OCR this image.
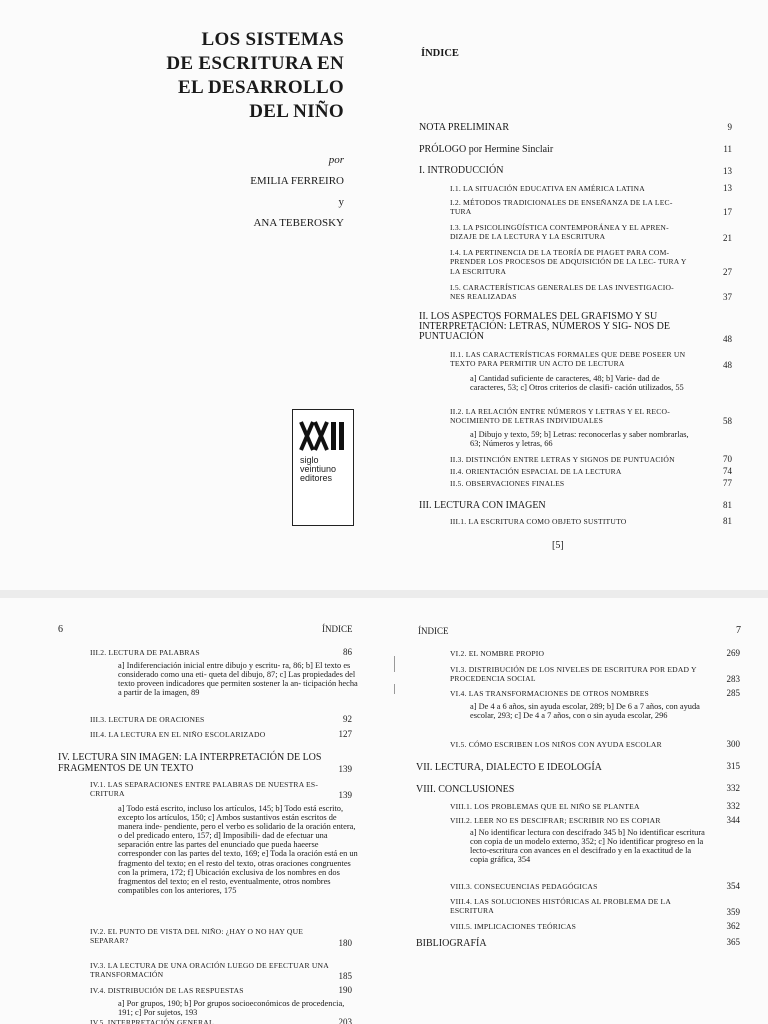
LOS SISTEMAS
DE ESCRITURA EN
EL DESARROLLO
DEL NIÑO
por
EMILIA FERREIRO
y
ANA TEBEROSKY
siglo
veintiuno
editores
ÍNDICE
NOTA PRELIMINAR	9
PRÓLOGO por Hermine Sinclair	11
I. INTRODUCCIÓN	13
I.1. LA SITUACIÓN EDUCATIVA EN AMÉRICA LATINA	13
I.2. MÉTODOS TRADICIONALES DE ENSEÑANZA DE LA LEC- TURA	17
I.3. LA PSICOLINGÜÍSTICA CONTEMPORÁNEA Y EL APREN- DIZAJE DE LA LECTURA Y LA ESCRITURA	21
I.4. LA PERTINENCIA DE LA TEORÍA DE PIAGET PARA COM- PRENDER LOS PROCESOS DE ADQUISICIÓN DE LA LEC- TURA Y LA ESCRITURA	27
I.5. CARACTERÍSTICAS GENERALES DE LAS INVESTIGACIO- NES REALIZADAS	37
II. LOS ASPECTOS FORMALES DEL GRAFISMO Y SU INTERPRETACIÓN: LETRAS, NÚMEROS Y SIG- NOS DE PUNTUACIÓN	48
II.1. LAS CARACTERÍSTICAS FORMALES QUE DEBE POSEER UN TEXTO PARA PERMITIR UN ACTO DE LECTURA	48
a] Cantidad suficiente de caracteres, 48; b] Varie- dad de caracteres, 53; c] Otros criterios de clasifi- cación utilizados, 55
II.2. LA RELACIÓN ENTRE NÚMEROS Y LETRAS Y EL RECO- NOCIMIENTO DE LETRAS INDIVIDUALES	58
a] Dibujo y texto, 59; b] Letras: reconocerlas y saber nombrarlas, 63; Números y letras, 66
II.3. DISTINCIÓN ENTRE LETRAS Y SIGNOS DE PUNTUACIÓN	70
II.4. ORIENTACIÓN ESPACIAL DE LA LECTURA	74
II.5. OBSERVACIONES FINALES	77
III. LECTURA CON IMAGEN	81
III.1. LA ESCRITURA COMO OBJETO SUSTITUTO	81
[5]
6	ÍNDICE
III.2. LECTURA DE PALABRAS	86
a] Indiferenciación inicial entre dibujo y escritu- ra, 86; b] El texto es considerado como una eti- queta del dibujo, 87; c] Las propiedades del texto proveen indicadores que permiten sostener la an- ticipación hecha a partir de la imagen, 89
III.3. LECTURA DE ORACIONES	92
III.4. LA LECTURA EN EL NIÑO ESCOLARIZADO	127
IV. LECTURA SIN IMAGEN: LA INTERPRETACIÓN DE LOS FRAGMENTOS DE UN TEXTO	139
IV.1. LAS SEPARACIONES ENTRE PALABRAS DE NUESTRA ES- CRITURA	139
a] Todo está escrito, incluso los artículos, 145; b] Todo está escrito, excepto los artículos, 150; c] Ambos sustantivos están escritos de manera inde- pendiente, pero el verbo es solidario de la oración entera, o del predicado entero, 157; d] Imposibili- dad de efectuar una separación entre las partes del enunciado que pueda haeerse corresponder con las partes del texto, 169; e] Toda la oración está en un fragmento del texto; en el resto del texto, otras oraciones congruentes con la primera, 172; f] Ubicación exclusiva de los nombres en dos fragmentos del texto; en el resto, eventualmente, otros nombres compatibles con los anteriores, 175
IV.2. EL PUNTO DE VISTA DEL NIÑO: ¿HAY O NO HAY QUE SEPARAR?	180
IV.3. LA LECTURA DE UNA ORACIÓN LUEGO DE EFECTUAR UNA TRANSFORMACIÓN	185
IV.4. DISTRIBUCIÓN DE LAS RESPUESTAS	190
a] Por grupos, 190; b] Por grupos socioeconómicos de procedencia, 191; c] Por sujetos, 193
IV.5. INTERPRETACIÓN GENERAL	203
ÍNDICE	7
VI.2. EL NOMBRE PROPIO	269
VI.3. DISTRIBUCIÓN DE LOS NIVELES DE ESCRITURA POR EDAD Y PROCEDENCIA SOCIAL	283
VI.4. LAS TRANSFORMACIONES DE OTROS NOMBRES	285
a] De 4 a 6 años, sin ayuda escolar, 289; b] De 6 a 7 años, con ayuda escolar, 293; c] De 4 a 7 años, con o sin ayuda escolar, 296
VI.5. CÓMO ESCRIBEN LOS NIÑOS CON AYUDA ESCOLAR	300
VII. LECTURA, DIALECTO E IDEOLOGÍA	315
VIII. CONCLUSIONES	332
VIII.1. LOS PROBLEMAS QUE EL NIÑO SE PLANTEA	332
VIII.2. LEER NO ES DESCIFRAR; ESCRIBIR NO ES COPIAR	344
a] No identificar lectura con descifrado 345 b] No identificar escritura con copia de un modelo externo, 352; c] No identificar progreso en la lecto-escritura con avances en el descifrado y en la exactitud de la copia gráfica, 354
VIII.3. CONSECUENCIAS PEDAGÓGICAS	354
VIII.4. LAS SOLUCIONES HISTÓRICAS AL PROBLEMA DE LA ESCRITURA	359
VIII.5. IMPLICACIONES TEÓRICAS	362
BIBLIOGRAFÍA	365
